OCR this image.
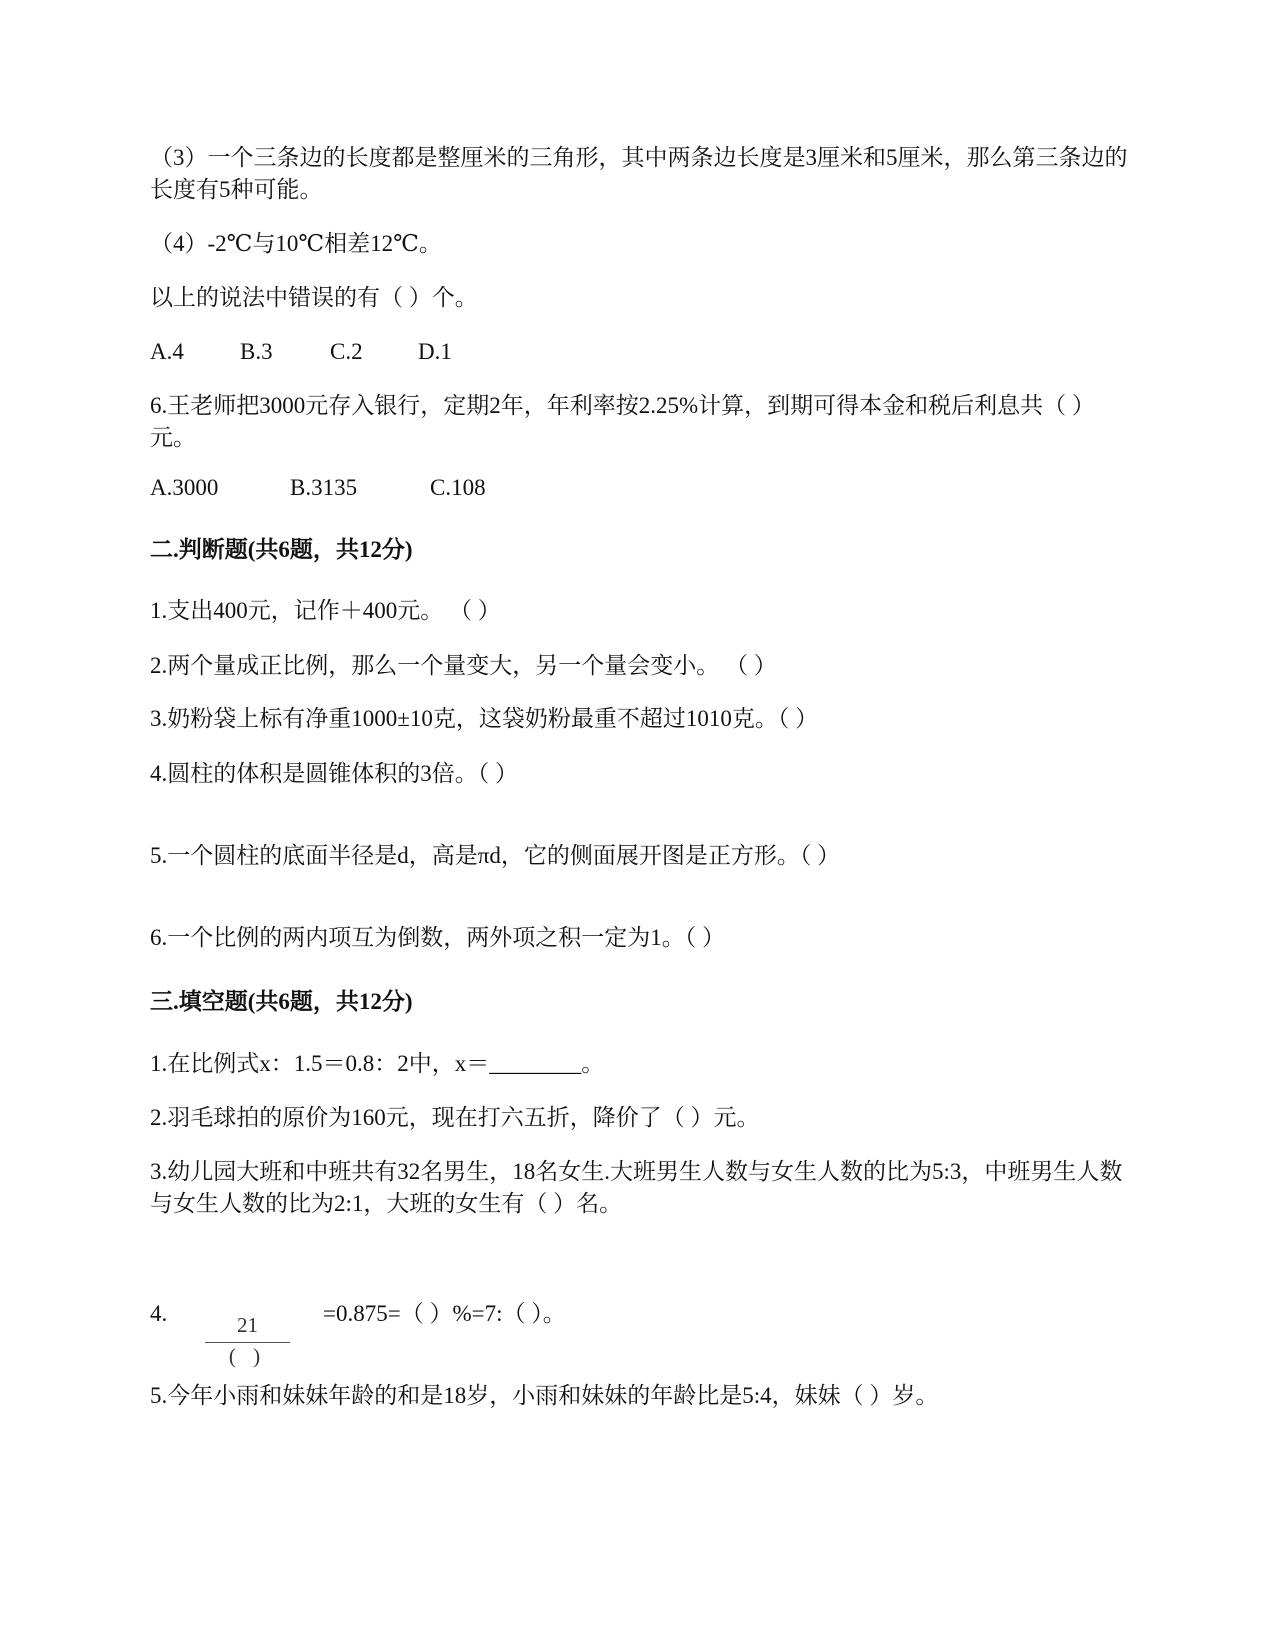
（3）一个三条边的长度都是整厘米的三角形，其中两条边长度是3厘米和5厘米，那么第三条边的长度有5种可能。
（4）-2℃与10℃相差12℃。
以上的说法中错误的有（ ）个。
A.4 B.3 C.2 D.1
6.王老师把3000元存入银行，定期2年，年利率按2.25%计算，到期可得本金和税后利息共（ ）元。
A.3000	B.3135	C.108
二.判断题(共6题，共12分)
1.支出400元，记作＋400元。 （ ）
2.两个量成正比例，那么一个量变大，另一个量会变小。 （ ）
3.奶粉袋上标有净重1000±10克，这袋奶粉最重不超过1010克。（ ）
4.圆柱的体积是圆锥体积的3倍。（ ）
5.一个圆柱的底面半径是d，高是πd，它的侧面展开图是正方形。（ ）
6.一个比例的两内项互为倒数，两外项之积一定为1。（ ）
三.填空题(共6题，共12分)
1.在比例式x：1.5＝0.8：2中，x＝________。
2.羽毛球拍的原价为160元，现在打六五折，降价了（ ）元。
3.幼儿园大班和中班共有32名男生，18名女生.大班男生人数与女生人数的比为5:3，中班男生人数与女生人数的比为2:1，大班的女生有（ ）名。
4.	21
( )
=0.875=（ ）%=7:（ ）。
5.今年小雨和妹妹年龄的和是18岁，小雨和妹妹的年龄比是5:4，妹妹（ ）岁。
